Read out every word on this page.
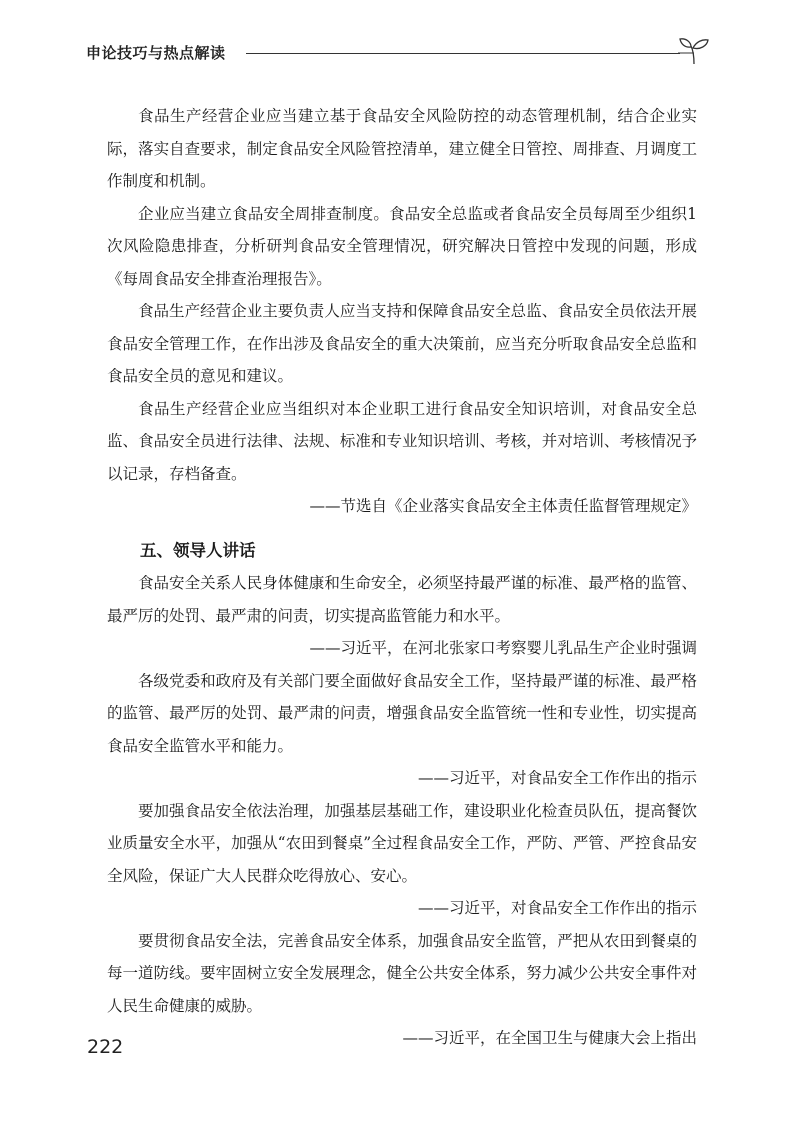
申论技巧与热点解读

食品生产经营企业应当建立基于食品安全风险防控的动态管理机制，结合企业实际，落实自查要求，制定食品安全风险管控清单，建立健全日管控、周排查、月调度工作制度和机制。

企业应当建立食品安全周排查制度。食品安全总监或者食品安全员每周至少组织1次风险隐患排查，分析研判食品安全管理情况，研究解决日管控中发现的问题，形成《每周食品安全排查治理报告》。

食品生产经营企业主要负责人应当支持和保障食品安全总监、食品安全员依法开展食品安全管理工作，在作出涉及食品安全的重大决策前，应当充分听取食品安全总监和食品安全员的意见和建议。

食品生产经营企业应当组织对本企业职工进行食品安全知识培训，对食品安全总监、食品安全员进行法律、法规、标准和专业知识培训、考核，并对培训、考核情况予以记录，存档备查。

——节选自《企业落实食品安全主体责任监督管理规定》
五、领导人讲话

食品安全关系人民身体健康和生命安全，必须坚持最严谨的标准、最严格的监管、最严厉的处罚、最严肃的问责，切实提高监管能力和水平。

——习近平，在河北张家口考察婴儿乳品生产企业时强调

各级党委和政府及有关部门要全面做好食品安全工作，坚持最严谨的标准、最严格的监管、最严厉的处罚、最严肃的问责，增强食品安全监管统一性和专业性，切实提高食品安全监管水平和能力。

——习近平，对食品安全工作作出的指示

要加强食品安全依法治理，加强基层基础工作，建设职业化检查员队伍，提高餐饮业质量安全水平，加强从“农田到餐桌”全过程食品安全工作，严防、严管、严控食品安全风险，保证广大人民群众吃得放心、安心。

——习近平，对食品安全工作作出的指示

要贯彻食品安全法，完善食品安全体系，加强食品安全监管，严把从农田到餐桌的每一道防线。要牢固树立安全发展理念，健全公共安全体系，努力减少公共安全事件对人民生命健康的威胁。

——习近平，在全国卫生与健康大会上指出
222
